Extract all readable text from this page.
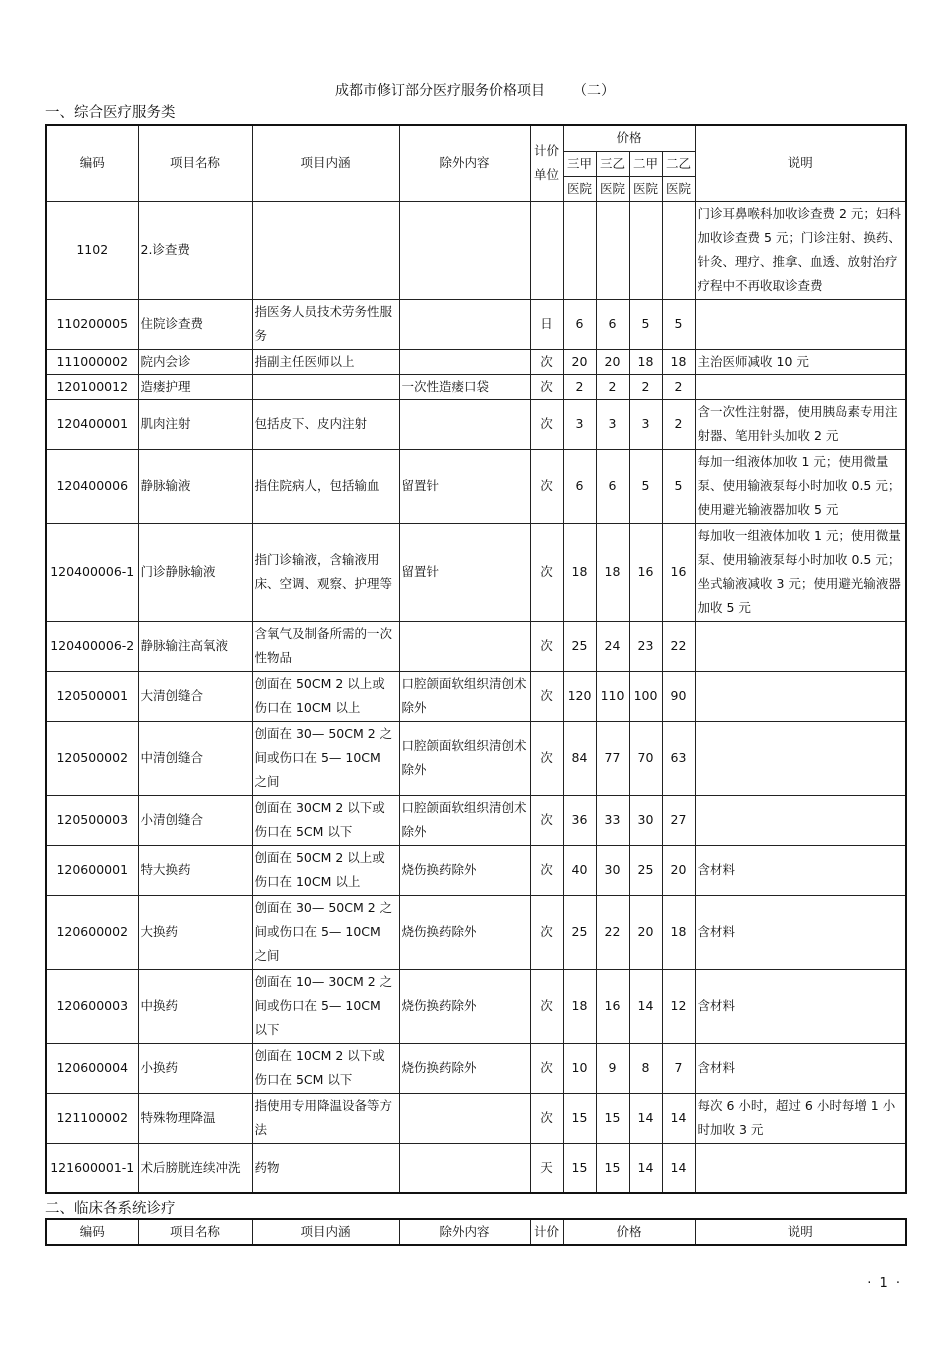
成都市修订部分医疗服务价格项目 （二）
一、综合医疗服务类
编码	项目名称	项目内涵	除外内容	计价
单位	价格				说明
					三甲	三乙	二甲	二乙	
					医院	医院	医院	医院	
1102	2.诊查费								门诊耳鼻喉科加收诊查费 2 元；妇科加收诊查费 5 元；门诊注射、换药、针灸、理疗、推拿、血透、放射治疗疗程中不再收取诊查费
110200005	住院诊查费	指医务人员技术劳务性服务		日	6	6	5	5	
111000002	院内会诊	指副主任医师以上		次	20	20	18	18	主治医师减收 10 元
120100012	造瘘护理		一次性造瘘口袋	次	2	2	2	2	
120400001	肌肉注射	包括皮下、皮内注射		次	3	3	3	2	含一次性注射器，使用胰岛素专用注射器、笔用针头加收 2 元
120400006	静脉输液	指住院病人，包括输血	留置针	次	6	6	5	5	每加一组液体加收 1 元；使用微量泵、使用输液泵每小时加收 0.5 元；使用避光输液器加收 5 元
120400006-1	门诊静脉输液	指门诊输液，含输液用床、空调、观察、护理等	留置针	次	18	18	16	16	每加收一组液体加收 1 元；使用微量泵、使用输液泵每小时加收 0.5 元；坐式输液减收 3 元；使用避光输液器加收 5 元
120400006-2	静脉输注高氧液	含氧气及制备所需的一次性物品		次	25	24	23	22	
120500001	大清创缝合	创面在 50CM 2 以上或伤口在 10CM 以上	口腔颌面软组织清创术除外	次	120	110	100	90	
120500002	中清创缝合	创面在 30— 50CM 2 之间或伤口在 5— 10CM 之间	口腔颌面软组织清创术除外	次	84	77	70	63	
120500003	小清创缝合	创面在 30CM 2 以下或伤口在 5CM 以下	口腔颌面软组织清创术除外	次	36	33	30	27	
120600001	特大换药	创面在 50CM 2 以上或伤口在 10CM 以上	烧伤换药除外	次	40	30	25	20	含材料
120600002	大换药	创面在 30— 50CM 2 之间或伤口在 5— 10CM 之间	烧伤换药除外	次	25	22	20	18	含材料
120600003	中换药	创面在 10— 30CM 2 之间或伤口在 5— 10CM 以下	烧伤换药除外	次	18	16	14	12	含材料
120600004	小换药	创面在 10CM 2 以下或伤口在 5CM 以下	烧伤换药除外	次	10	9	8	7	含材料
121100002	特殊物理降温	指使用专用降温设备等方法		次	15	15	14	14	每次 6 小时，超过 6 小时每增 1 小时加收 3 元
121600001-1	术后膀胱连续冲洗	药物		天	15	15	14	14	
二、临床各系统诊疗
编码	项目名称	项目内涵	除外内容	计价	价格	说明
· 1 ·
